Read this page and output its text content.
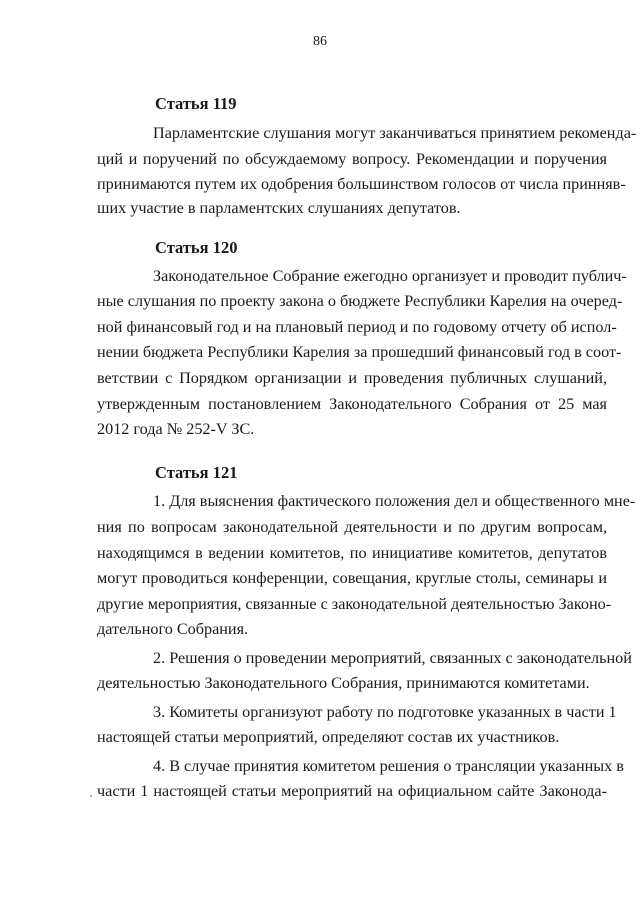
86
Статья 119
Парламентские слушания могут заканчиваться принятием рекоменда-
ций и поручений по обсуждаемому вопросу. Рекомендации и поручения
принимаются путем их одобрения большинством голосов от числа принняв-
ших участие в парламентских слушаниях депутатов.
Статья 120
Законодательное Собрание ежегодно организует и проводит публич-
ные слушания по проекту закона о бюджете Республики Карелия на очеред-
ной финансовый год и на плановый период и по годовому отчету об испол-
нении бюджета Республики Карелия за прошедший финансовый год в соот-
ветствии с Порядком организации и проведения публичных слушаний,
утвержденным постановлением Законодательного Собрания от 25 мая
2012 года № 252-V ЗС.
Статья 121
1. Для выяснения фактического положения дел и общественного мне-
ния по вопросам законодательной деятельности и по другим вопросам,
находящимся в ведении комитетов, по инициативе комитетов, депутатов
могут проводиться конференции, совещания, круглые столы, семинары и
другие мероприятия, связанные с законодательной деятельностью Законо-
дательного Собрания.
2. Решения о проведении мероприятий, связанных с законодательной
деятельностью Законодательного Собрания, принимаются комитетами.
3. Комитеты организуют работу по подготовке указанных в части 1
настоящей статьи мероприятий, определяют состав их участников.
4. В случае принятия комитетом решения о трансляции указанных в
части 1 настоящей статьи мероприятий на официальном сайте Законода-
